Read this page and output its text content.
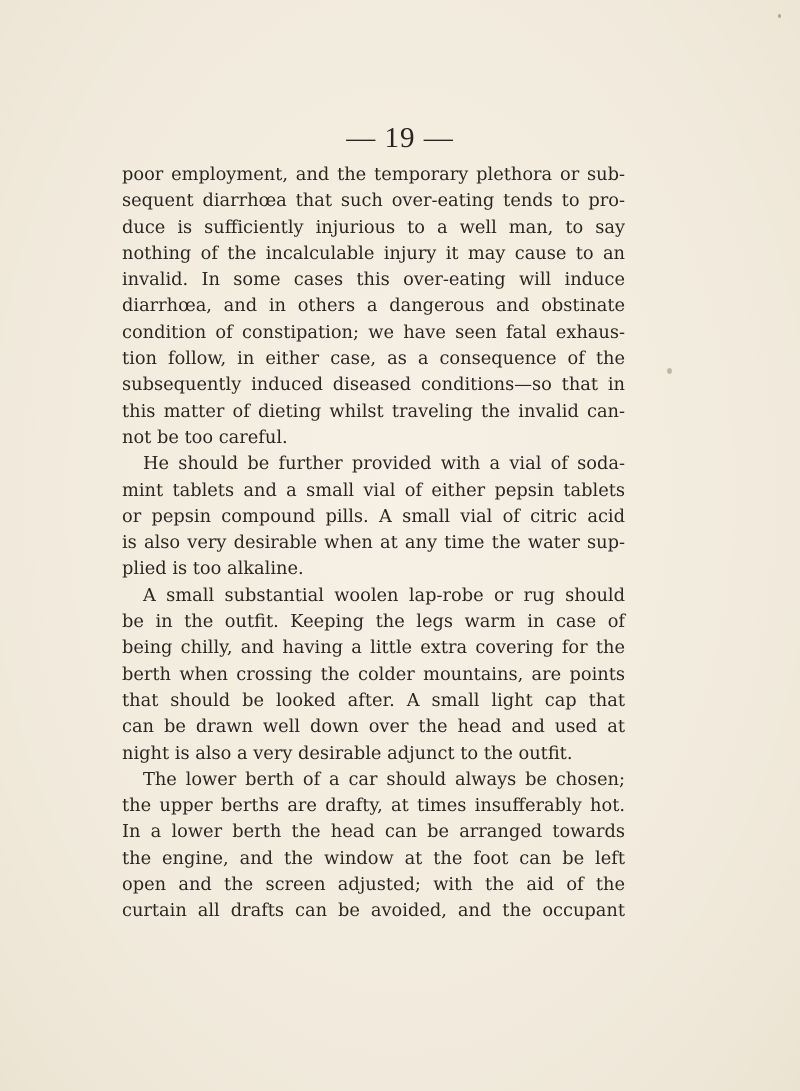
— 19 —
poor employment, and the temporary plethora or sub-
sequent diarrhœa that such over-eating tends to pro-
duce is sufficiently injurious to a well man, to say
nothing of the incalculable injury it may cause to an
invalid. In some cases this over-eating will induce
diarrhœa, and in others a dangerous and obstinate
condition of constipation; we have seen fatal exhaus-
tion follow, in either case, as a consequence of the
subsequently induced diseased conditions—so that in
this matter of dieting whilst traveling the invalid can-
not be too careful.
He should be further provided with a vial of soda-
mint tablets and a small vial of either pepsin tablets
or pepsin compound pills. A small vial of citric acid
is also very desirable when at any time the water sup-
plied is too alkaline.
A small substantial woolen lap-robe or rug should
be in the outfit. Keeping the legs warm in case of
being chilly, and having a little extra covering for the
berth when crossing the colder mountains, are points
that should be looked after. A small light cap that
can be drawn well down over the head and used at
night is also a very desirable adjunct to the outfit.
The lower berth of a car should always be chosen;
the upper berths are drafty, at times insufferably hot.
In a lower berth the head can be arranged towards
the engine, and the window at the foot can be left
open and the screen adjusted; with the aid of the
curtain all drafts can be avoided, and the occupant
